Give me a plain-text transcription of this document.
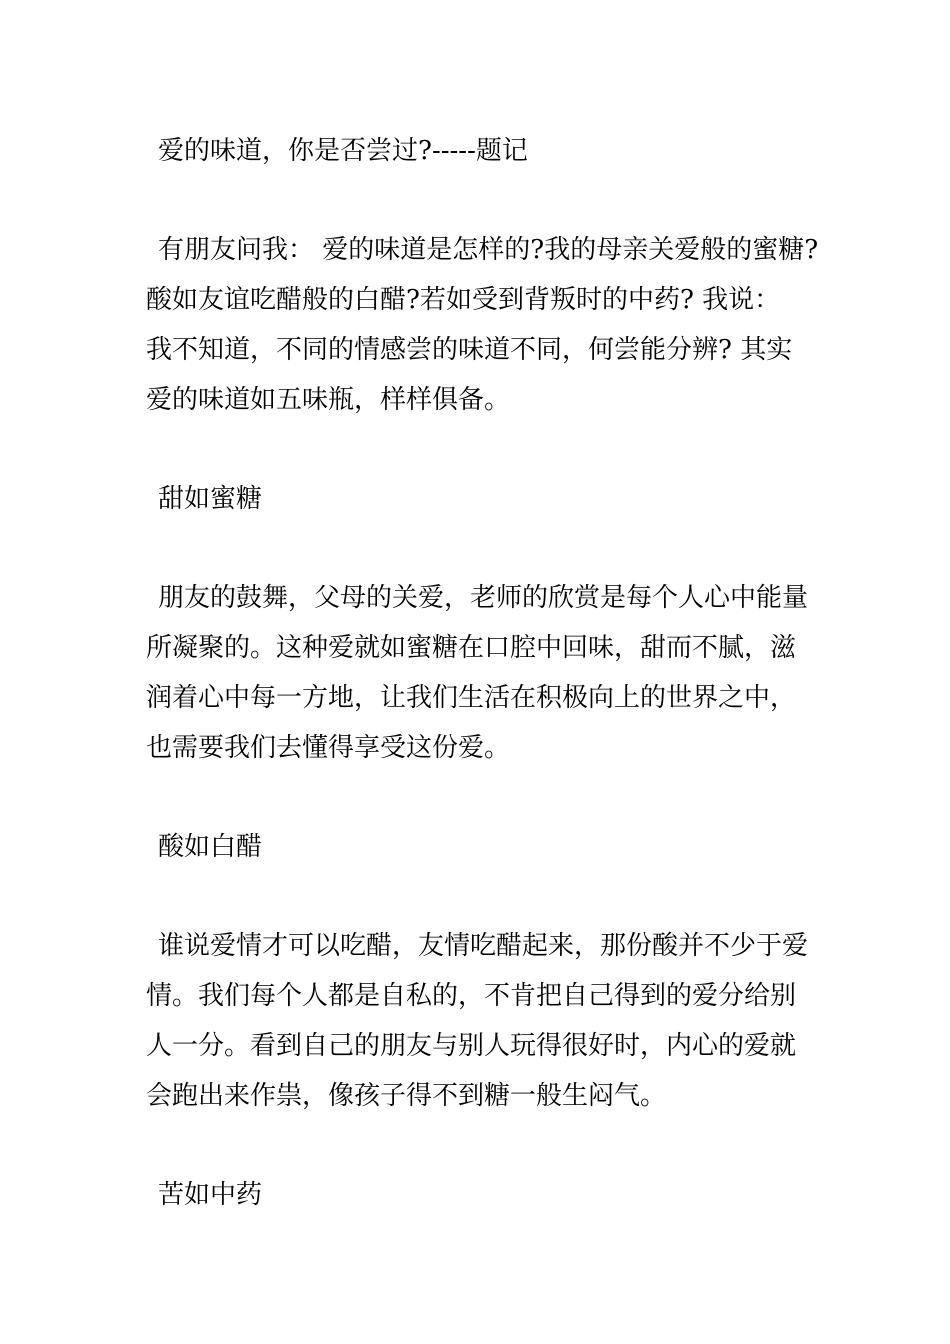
爱的味道，你是否尝过?-----题记

有朋友问我： 爱的味道是怎样的?我的母亲关爱般的蜜糖?
酸如友谊吃醋般的白醋?若如受到背叛时的中药? 我说：
我不知道，不同的情感尝的味道不同，何尝能分辨? 其实
爱的味道如五味瓶，样样俱备。

甜如蜜糖

朋友的鼓舞，父母的关爱，老师的欣赏是每个人心中能量
所凝聚的。这种爱就如蜜糖在口腔中回味，甜而不腻，滋
润着心中每一方地，让我们生活在积极向上的世界之中，
也需要我们去懂得享受这份爱。

酸如白醋

谁说爱情才可以吃醋，友情吃醋起来，那份酸并不少于爱
情。我们每个人都是自私的，不肯把自己得到的爱分给别
人一分。看到自己的朋友与别人玩得很好时，内心的爱就
会跑出来作祟，像孩子得不到糖一般生闷气。

苦如中药
